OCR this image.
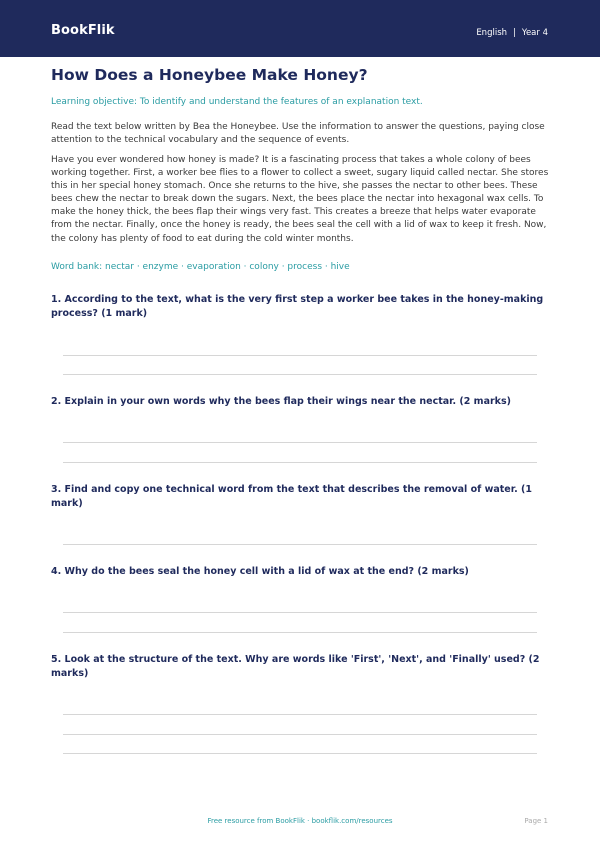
BookFlik	English | Year 4
How Does a Honeybee Make Honey?
Learning objective: To identify and understand the features of an explanation text.
Read the text below written by Bea the Honeybee. Use the information to answer the questions, paying close attention to the technical vocabulary and the sequence of events.
Have you ever wondered how honey is made? It is a fascinating process that takes a whole colony of bees working together. First, a worker bee flies to a flower to collect a sweet, sugary liquid called nectar. She stores this in her special honey stomach. Once she returns to the hive, she passes the nectar to other bees. These bees chew the nectar to break down the sugars. Next, the bees place the nectar into hexagonal wax cells. To make the honey thick, the bees flap their wings very fast. This creates a breeze that helps water evaporate from the nectar. Finally, once the honey is ready, the bees seal the cell with a lid of wax to keep it fresh. Now, the colony has plenty of food to eat during the cold winter months.
Word bank: nectar · enzyme · evaporation · colony · process · hive
1. According to the text, what is the very first step a worker bee takes in the honey-making process? (1 mark)
2. Explain in your own words why the bees flap their wings near the nectar. (2 marks)
3. Find and copy one technical word from the text that describes the removal of water. (1 mark)
4. Why do the bees seal the honey cell with a lid of wax at the end? (2 marks)
5. Look at the structure of the text. Why are words like 'First', 'Next', and 'Finally' used? (2 marks)
Free resource from BookFlik · bookflik.com/resources	Page 1
